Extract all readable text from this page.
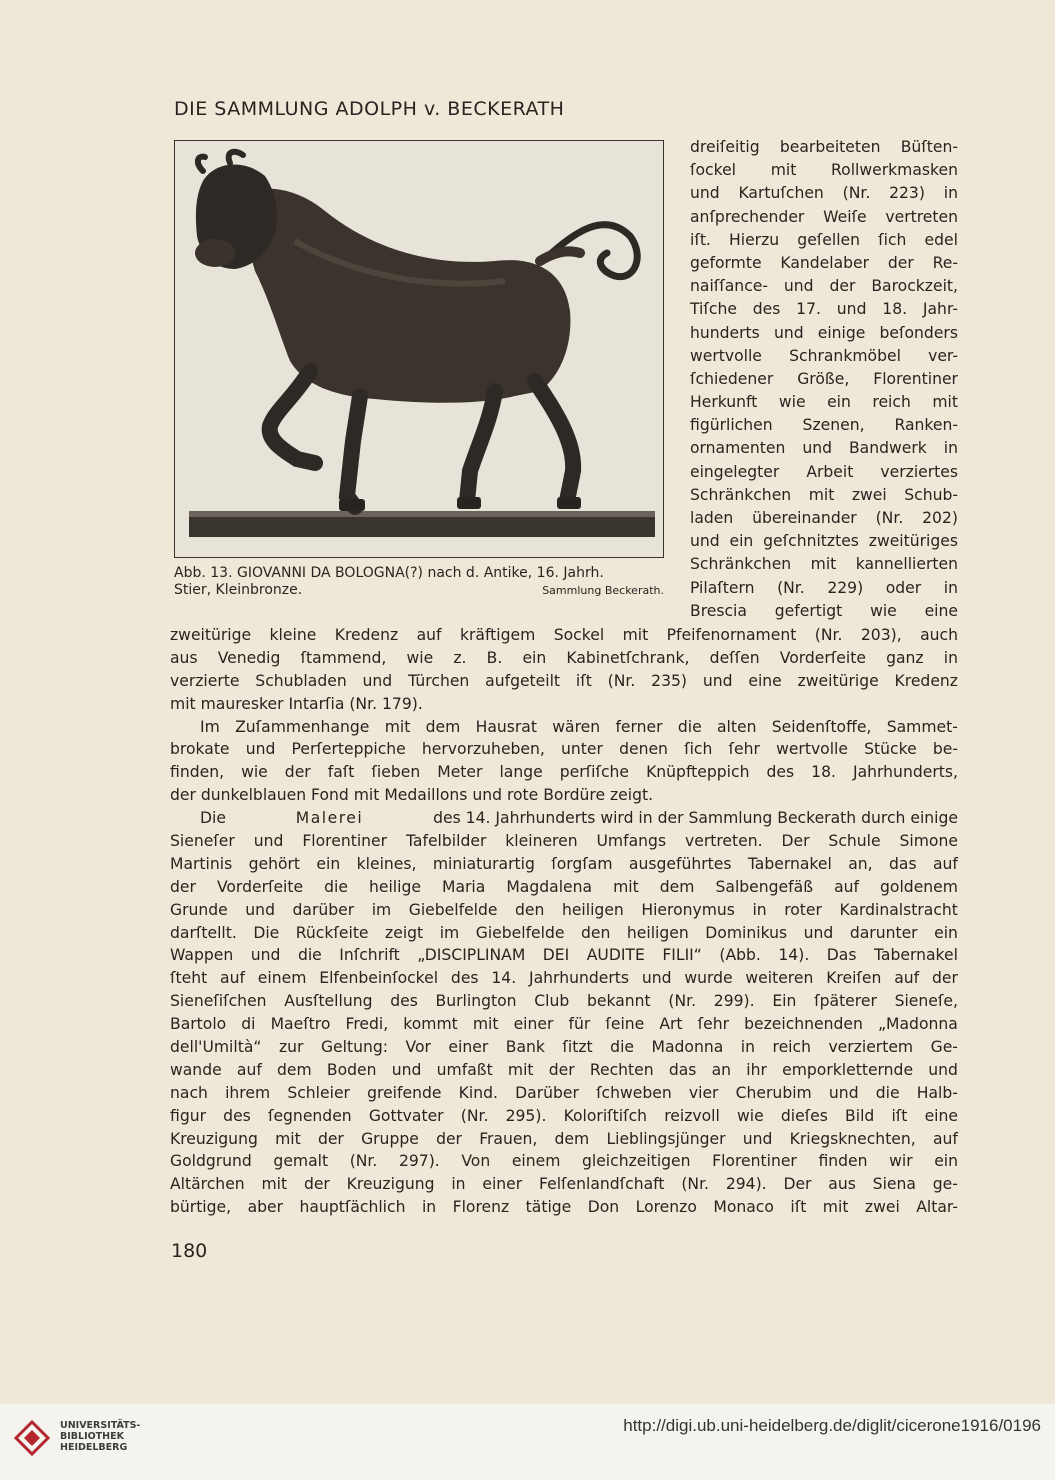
DIE SAMMLUNG ADOLPH v. BECKERATH
Abb. 13. GIOVANNI DA BOLOGNA(?) nach d. Antike, 16. Jahrh.
Stier, Kleinbronze.	Sammlung Beckerath.
dreiſeitig bearbeiteten Büſten-
ſockel mit Rollwerkmasken
und Kartuſchen (Nr. 223) in
anſprechender Weiſe vertreten
iſt. Hierzu geſellen ſich edel
geformte Kandelaber der Re-
naiſſance- und der Barockzeit,
Tiſche des 17. und 18. Jahr-
hunderts und einige beſonders
wertvolle Schrankmöbel ver-
ſchiedener Größe, Florentiner
Herkunft wie ein reich mit
figürlichen Szenen, Ranken-
ornamenten und Bandwerk in
eingelegter Arbeit verziertes
Schränkchen mit zwei Schub-
laden übereinander (Nr. 202)
und ein geſchnitztes zweitüriges
Schränkchen mit kannellierten
Pilaſtern (Nr. 229) oder in
Brescia gefertigt wie eine
zweitürige kleine Kredenz auf kräftigem Sockel mit Pfeifenornament (Nr. 203), auch
aus Venedig ſtammend, wie z. B. ein Kabinetſchrank, deſſen Vorderſeite ganz in
verzierte Schubladen und Türchen aufgeteilt iſt (Nr. 235) und eine zweitürige Kredenz
mit mauresker Intarſia (Nr. 179).
Im Zuſammenhange mit dem Hausrat wären ferner die alten Seidenſtoffe, Sammet-
brokate und Perſerteppiche hervorzuheben, unter denen ſich ſehr wertvolle Stücke be-
finden, wie der faſt ſieben Meter lange perſiſche Knüpfteppich des 18. Jahrhunderts,
der dunkelblauen Fond mit Medaillons und rote Bordüre zeigt.
Die	Malerei	des 14. Jahrhunderts wird in der Sammlung Beckerath durch einige
Sieneſer und Florentiner Tafelbilder kleineren Umfangs vertreten. Der Schule Simone
Martinis gehört ein kleines, miniaturartig ſorgſam ausgeführtes Tabernakel an, das auf
der Vorderſeite die heilige Maria Magdalena mit dem Salbengefäß auf goldenem
Grunde und darüber im Giebelfelde den heiligen Hieronymus in roter Kardinalstracht
darſtellt. Die Rückſeite zeigt im Giebelfelde den heiligen Dominikus und darunter ein
Wappen und die Inſchrift „DISCIPLINAM DEI AUDITE FILII“ (Abb. 14). Das Tabernakel
ſteht auf einem Elfenbeinſockel des 14. Jahrhunderts und wurde weiteren Kreiſen auf der
Sieneſiſchen Ausſtellung des Burlington Club bekannt (Nr. 299). Ein ſpäterer Sieneſe,
Bartolo di Maeſtro Fredi, kommt mit einer für ſeine Art ſehr bezeichnenden „Madonna
dell'Umiltà“ zur Geltung: Vor einer Bank ſitzt die Madonna in reich verziertem Ge-
wande auf dem Boden und umfaßt mit der Rechten das an ihr emporkletternde und
nach ihrem Schleier greifende Kind. Darüber ſchweben vier Cherubim und die Halb-
figur des ſegnenden Gottvater (Nr. 295). Koloriſtiſch reizvoll wie dieſes Bild iſt eine
Kreuzigung mit der Gruppe der Frauen, dem Lieblingsjünger und Kriegsknechten, auf
Goldgrund gemalt (Nr. 297). Von einem gleichzeitigen Florentiner finden wir ein
Altärchen mit der Kreuzigung in einer Felſenlandſchaft (Nr. 294). Der aus Siena ge-
bürtige, aber hauptſächlich in Florenz tätige Don Lorenzo Monaco iſt mit zwei Altar-
180
UNIVERSITÄTS-
BIBLIOTHEK
HEIDELBERG
http://digi.ub.uni-heidelberg.de/diglit/cicerone1916/0196
